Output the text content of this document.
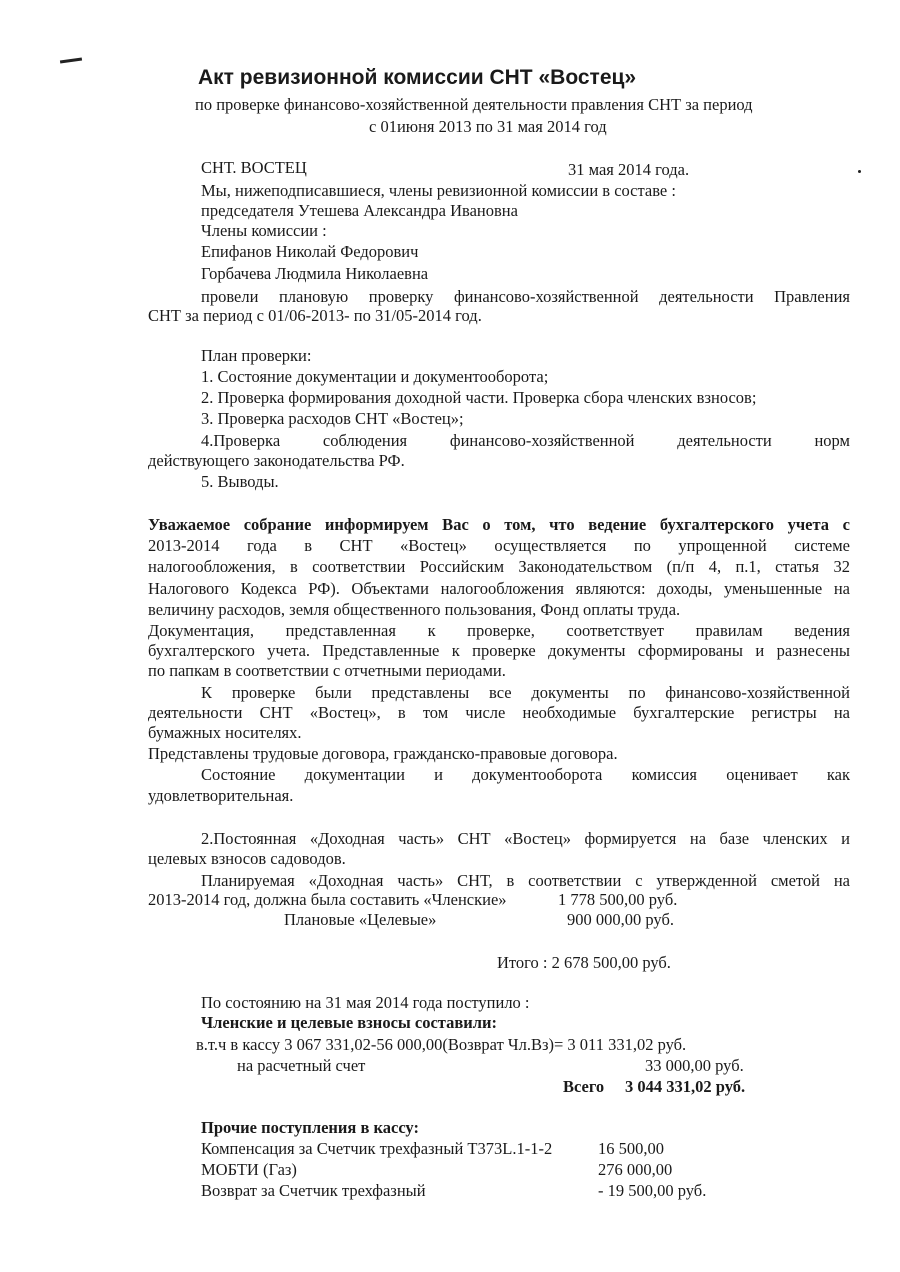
Акт ревизионной комиссии СНТ «Востец»
по проверке финансово-хозяйственной деятельности правления СНТ за период
с 01июня 2013 по 31 мая 2014 год
СНТ. ВОСТЕЦ	31 мая 2014 года.
Мы, нижеподписавшиеся, члены ревизионной комиссии в составе :
председателя Утешева Александра Ивановна
Члены комиссии :
Епифанов Николай Федорович
Горбачева Людмила Николаевна
провели плановую проверку финансово-хозяйственной деятельности Правления
СНТ за период с 01/06-2013- по 31/05-2014 год.
План проверки:
1. Состояние документации и документооборота;
2. Проверка формирования доходной части. Проверка сбора членских взносов;
3. Проверка расходов СНТ «Востец»;
4.Проверка соблюдения финансово-хозяйственной деятельности норм
действующего законодательства РФ.
5. Выводы.
Уважаемое собрание информируем Вас о том, что ведение бухгалтерского учета с
2013-2014 года в СНТ «Востец» осуществляется по упрощенной системе
налогообложения, в соответствии Российским Законодательством (п/п 4, п.1, статья 32
Налогового Кодекса РФ). Объектами налогообложения являются: доходы, уменьшенные на
величину расходов, земля общественного пользования, Фонд оплаты труда.
Документация, представленная к проверке, соответствует правилам ведения
бухгалтерского учета. Представленные к проверке документы сформированы и разнесены
по папкам в соответствии с отчетными периодами.
К проверке были представлены все документы по финансово-хозяйственной
деятельности СНТ «Востец», в том числе необходимые бухгалтерские регистры на
бумажных носителях.
Представлены трудовые договора, гражданско-правовые договора.
Состояние документации и документооборота комиссия оценивает как
удовлетворительная.
2.Постоянная «Доходная часть» СНТ «Востец» формируется на базе членских и
целевых взносов садоводов.
Планируемая «Доходная часть» СНТ, в соответствии с утвержденной сметой на
2013-2014 год, должна была составить «Членские»	1 778 500,00 руб.
Плановые «Целевые»	900 000,00 руб.
Итого : 2 678 500,00 руб.
По состоянию на 31 мая 2014 года поступило :
Членские и целевые взносы составили:
в.т.ч в кассу 3 067 331,02-56 000,00(Возврат Чл.Вз)= 3 011 331,02 руб.
на расчетный счет	33 000,00 руб.
Всего 3 044 331,02 руб.
Прочие поступления в кассу:
Компенсация за Счетчик трехфазный Т373L.1-1-2	16 500,00
МОБТИ (Газ)	276 000,00
Возврат за Счетчик трехфазный	- 19 500,00 руб.
